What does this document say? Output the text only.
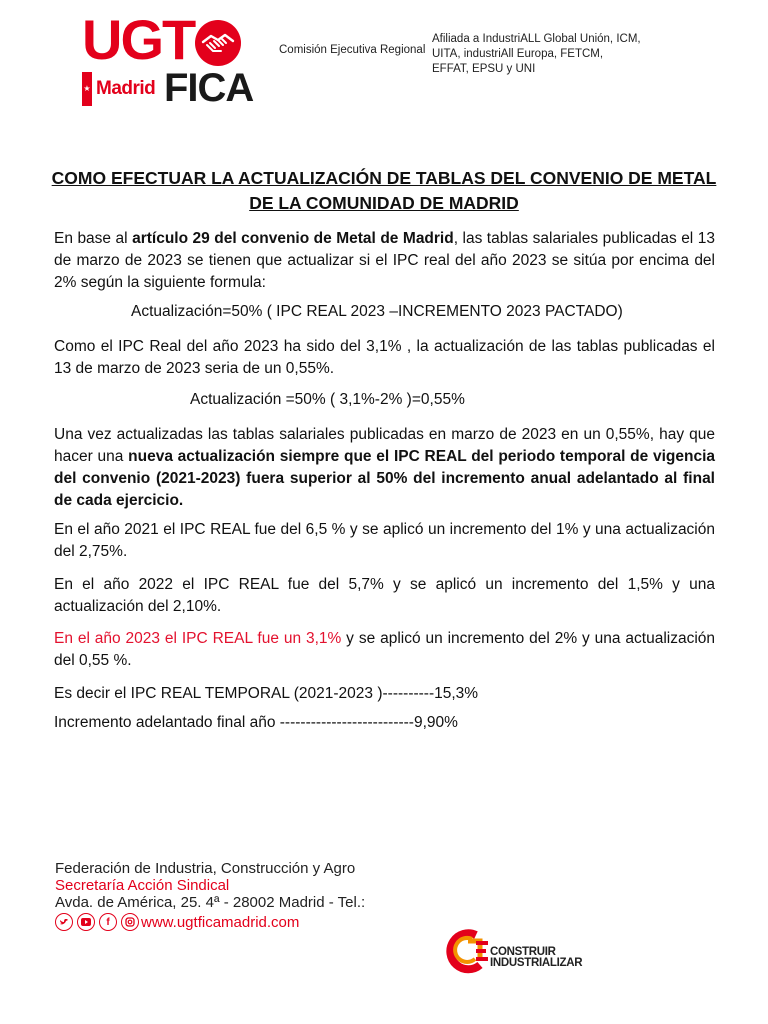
UGT
★ Madrid FICA
Comisión Ejecutiva Regional
Afiliada a IndustriALL Global Unión, ICM,
UITA, industriAll Europa, FETCM,
EFFAT, EPSU y UNI
COMO EFECTUAR LA ACTUALIZACIÓN DE TABLAS DEL CONVENIO DE METAL
DE LA COMUNIDAD DE MADRID
En base al artículo 29 del convenio de Metal de Madrid, las tablas salariales publicadas el 13 de marzo de 2023 se tienen que actualizar si el IPC real del año 2023 se sitúa por encima del 2% según la siguiente formula:
Actualización=50% ( IPC REAL 2023 –INCREMENTO 2023 PACTADO)
Como el IPC Real del año 2023 ha sido del 3,1% , la actualización de las tablas publicadas el 13 de marzo de 2023 seria de un 0,55%.
Actualización =50% ( 3,1%-2% )=0,55%
Una vez actualizadas las tablas salariales publicadas en marzo de 2023 en un 0,55%, hay que hacer una nueva actualización siempre que el IPC REAL del periodo temporal de vigencia del convenio (2021-2023) fuera superior al 50% del incremento anual adelantado al final de cada ejercicio.
En el año 2021 el IPC REAL fue del 6,5 % y se aplicó un incremento del 1% y una actualización del 2,75%.
En el año 2022 el IPC REAL fue del 5,7% y se aplicó un incremento del 1,5% y una actualización del 2,10%.
En el año 2023 el IPC REAL fue un 3,1% y se aplicó un incremento del 2% y una actualización del 0,55 %.
Es decir el IPC REAL TEMPORAL (2021-2023 )----------15,3%
Incremento adelantado final año --------------------------9,90%
Federación de Industria, Construcción y Agro
Secretaría Acción Sindical
Avda. de América, 25. 4ª - 28002 Madrid - Tel.:
f	www.ugtficamadrid.com
CONSTRUIR
INDUSTRIALIZAR
